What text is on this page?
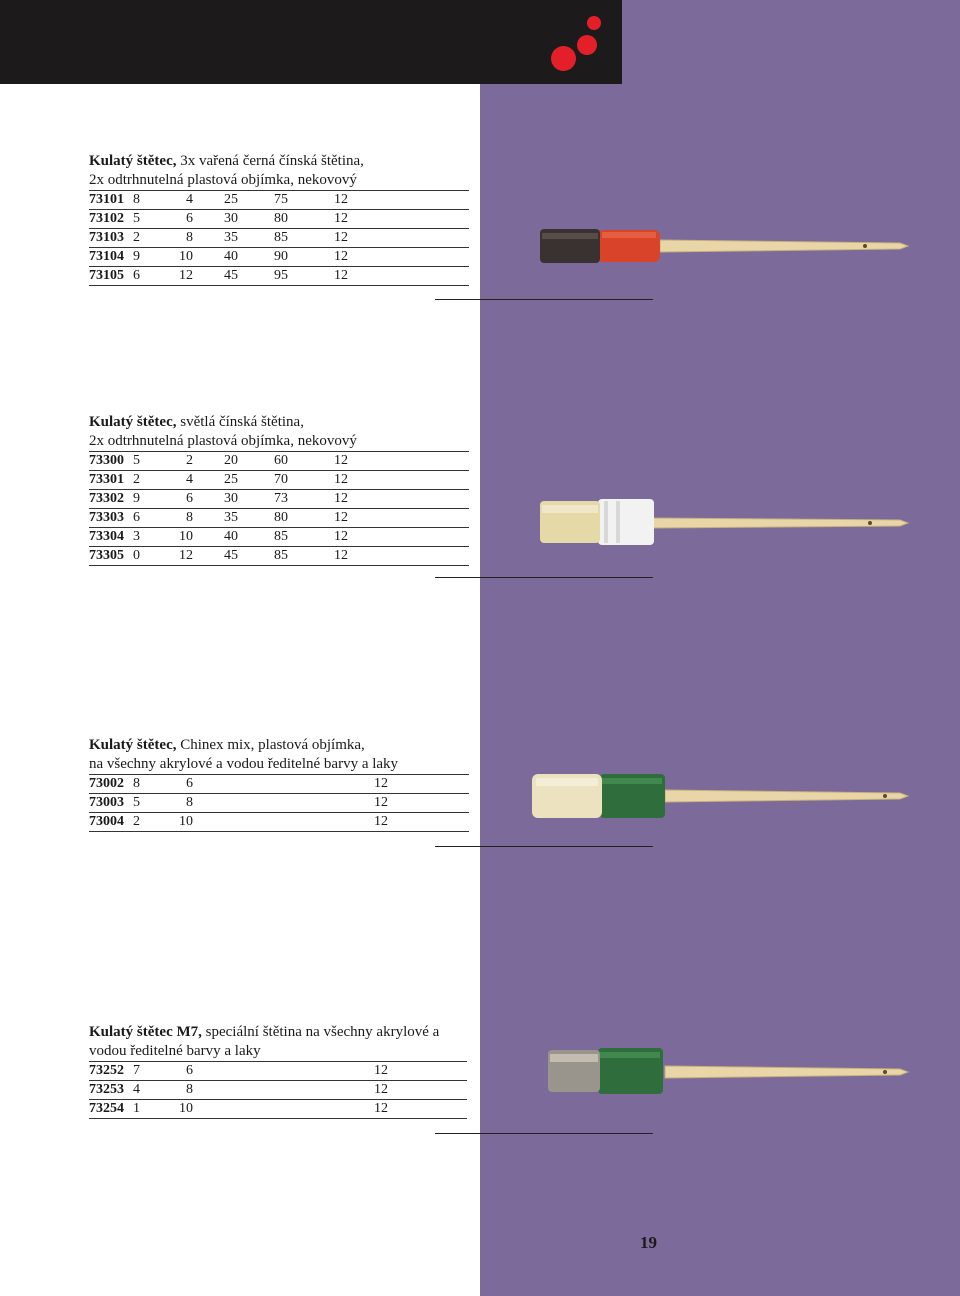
Kulatý štětec, 3x vařená černá čínská štětina,
2x odtrhnutelná plastová objímka, nekovový
73101 8	4	25	75	12
73102 5	6	30	80	12
73103 2	8	35	85	12
73104 9	10	40	90	12
73105 6	12	45	95	12
Kulatý štětec, světlá čínská štětina,
2x odtrhnutelná plastová objímka, nekovový
73300 5	2	20	60	12
73301 2	4	25	70	12
73302 9	6	30	73	12
73303 6	8	35	80	12
73304 3	10	40	85	12
73305 0	12	45	85	12
Kulatý štětec, Chinex mix, plastová objímka,
na všechny akrylové a vodou ředitelné barvy a laky
73002 8	6	12
73003 5	8	12
73004 2	10	12
Kulatý štětec M7, speciální štětina na všechny akrylové a
vodou ředitelné barvy a laky
73252 7	6	12
73253 4	8	12
73254 1	10	12
19
